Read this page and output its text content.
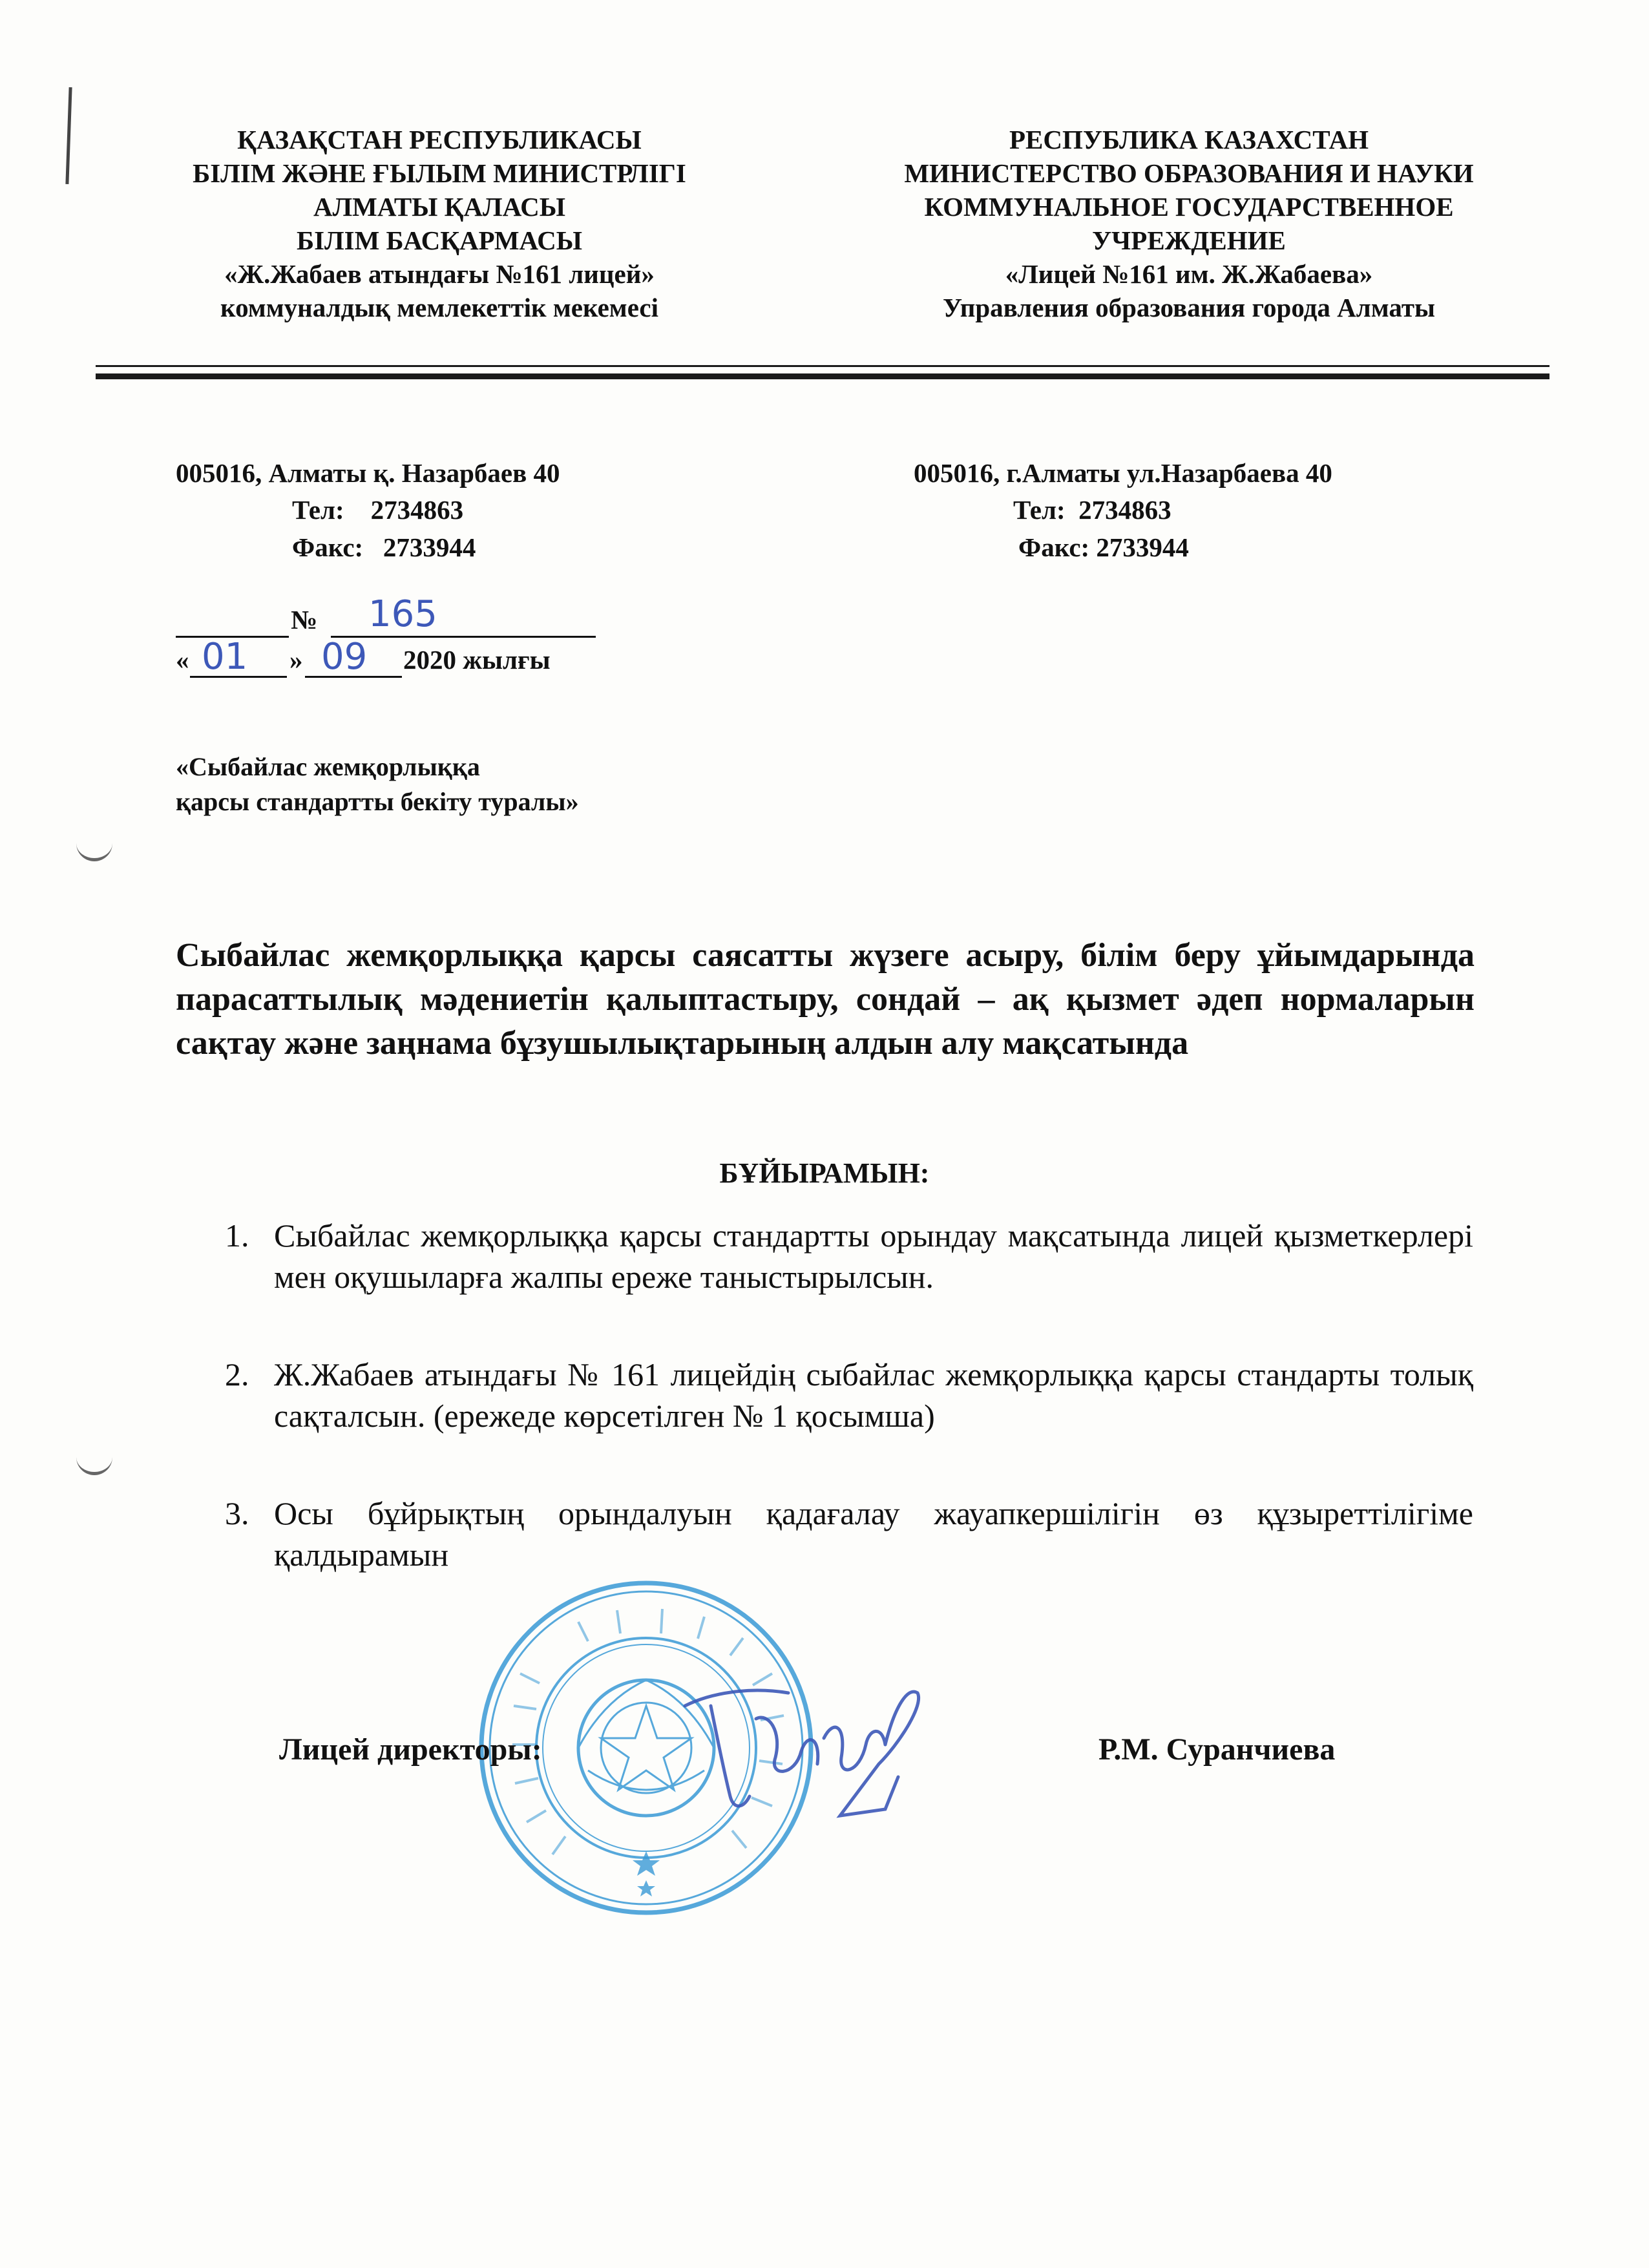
ҚАЗАҚСТАН РЕСПУБЛИКАСЫ
БІЛІМ ЖӘНЕ ҒЫЛЫМ МИНИСТРЛІГІ
АЛМАТЫ ҚАЛАСЫ
БІЛІМ БАСҚАРМАСЫ
«Ж.Жабаев атындағы №161 лицей»
коммуналдық мемлекеттік мекемесі
РЕСПУБЛИКА КАЗАХСТАН
МИНИСТЕРСТВО ОБРАЗОВАНИЯ И НАУКИ
КОММУНАЛЬНОЕ ГОСУДАРСТВЕННОЕ
УЧРЕЖДЕНИЕ
«Лицей №161 им. Ж.Жабаева»
Управления образования города Алматы
005016, Алматы қ. Назарбаев 40
Тел:    2734863
Факс:   2733944
005016, г.Алматы ул.Назарбаева 40
Тел:  2734863
Факс: 2733944
№ 165
« 01 » 09 2020 жылғы
«Сыбайлас жемқорлыққа
қарсы стандартты бекіту туралы»
Сыбайлас жемқорлыққа қарсы саясатты жүзеге асыру, білім беру ұйымдарында парасаттылық мәдениетін қалыптастыру, сондай – ақ қызмет әдеп нормаларын сақтау және заңнама бұзушылықтарының алдын алу мақсатында
БҰЙЫРАМЫН:
1. Сыбайлас жемқорлыққа қарсы стандартты орындау мақсатында лицей қызметкерлері мен оқушыларға жалпы ереже таныстырылсын.
2. Ж.Жабаев атындағы № 161 лицейдің сыбайлас жемқорлыққа қарсы стандарты толық сақталсын. (ережеде көрсетілген № 1 қосымша)
3. Осы бұйрықтың орындалуын қадағалау жауапкершілігін өз құзыреттілігіме қалдырамын
Лицей директоры:	Р.М. Суранчиева
